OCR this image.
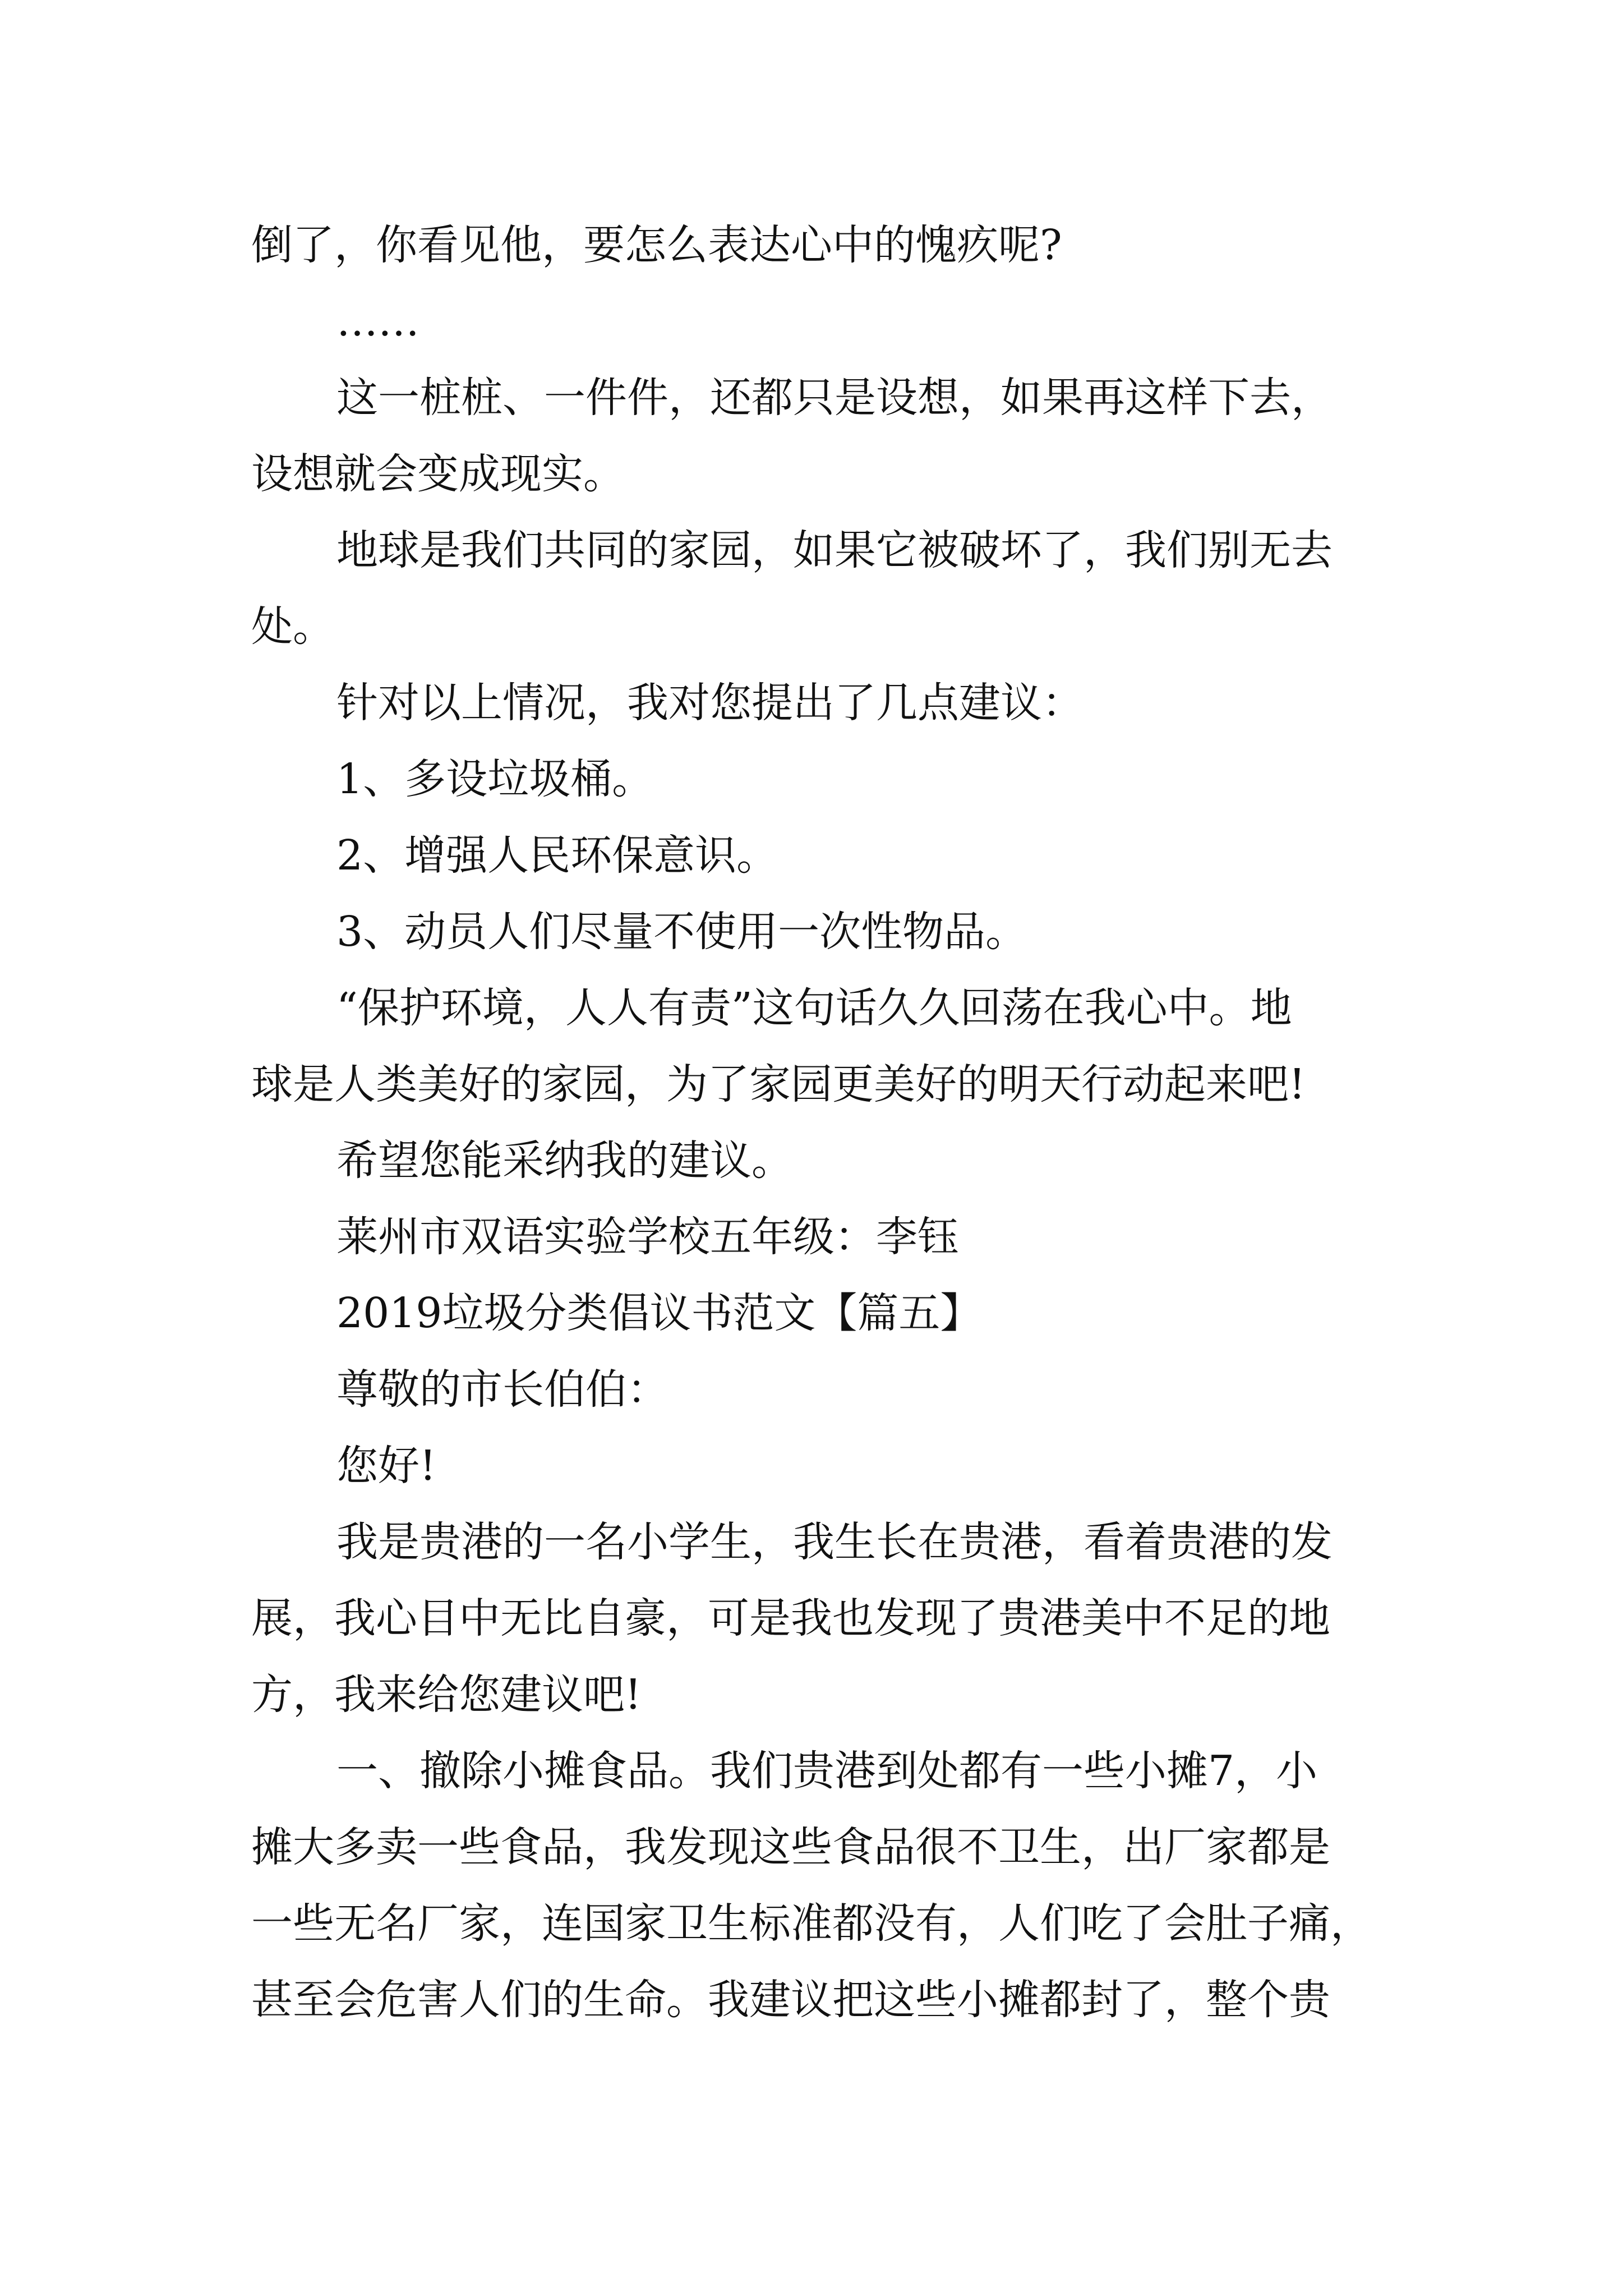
倒了，你看见他，要怎么表达心中的愧疚呢?

……

这一桩桩、一件件，还都只是设想，如果再这样下去，

设想就会变成现实。

地球是我们共同的家园，如果它被破坏了，我们别无去

处。

针对以上情况，我对您提出了几点建议：

1、多设垃圾桶。

2、增强人民环保意识。

3、动员人们尽量不使用一次性物品。

“保护环境，人人有责”这句话久久回荡在我心中。地

球是人类美好的家园，为了家园更美好的明天行动起来吧!

希望您能采纳我的建议。

莱州市双语实验学校五年级：李钰

2019垃圾分类倡议书范文【篇五】

尊敬的市长伯伯：

您好!

我是贵港的一名小学生，我生长在贵港，看着贵港的发

展，我心目中无比自豪，可是我也发现了贵港美中不足的地

方，我来给您建议吧!

一、撤除小摊食品。我们贵港到处都有一些小摊7，小

摊大多卖一些食品，我发现这些食品很不卫生，出厂家都是

一些无名厂家，连国家卫生标准都没有，人们吃了会肚子痛，

甚至会危害人们的生命。我建议把这些小摊都封了，整个贵
